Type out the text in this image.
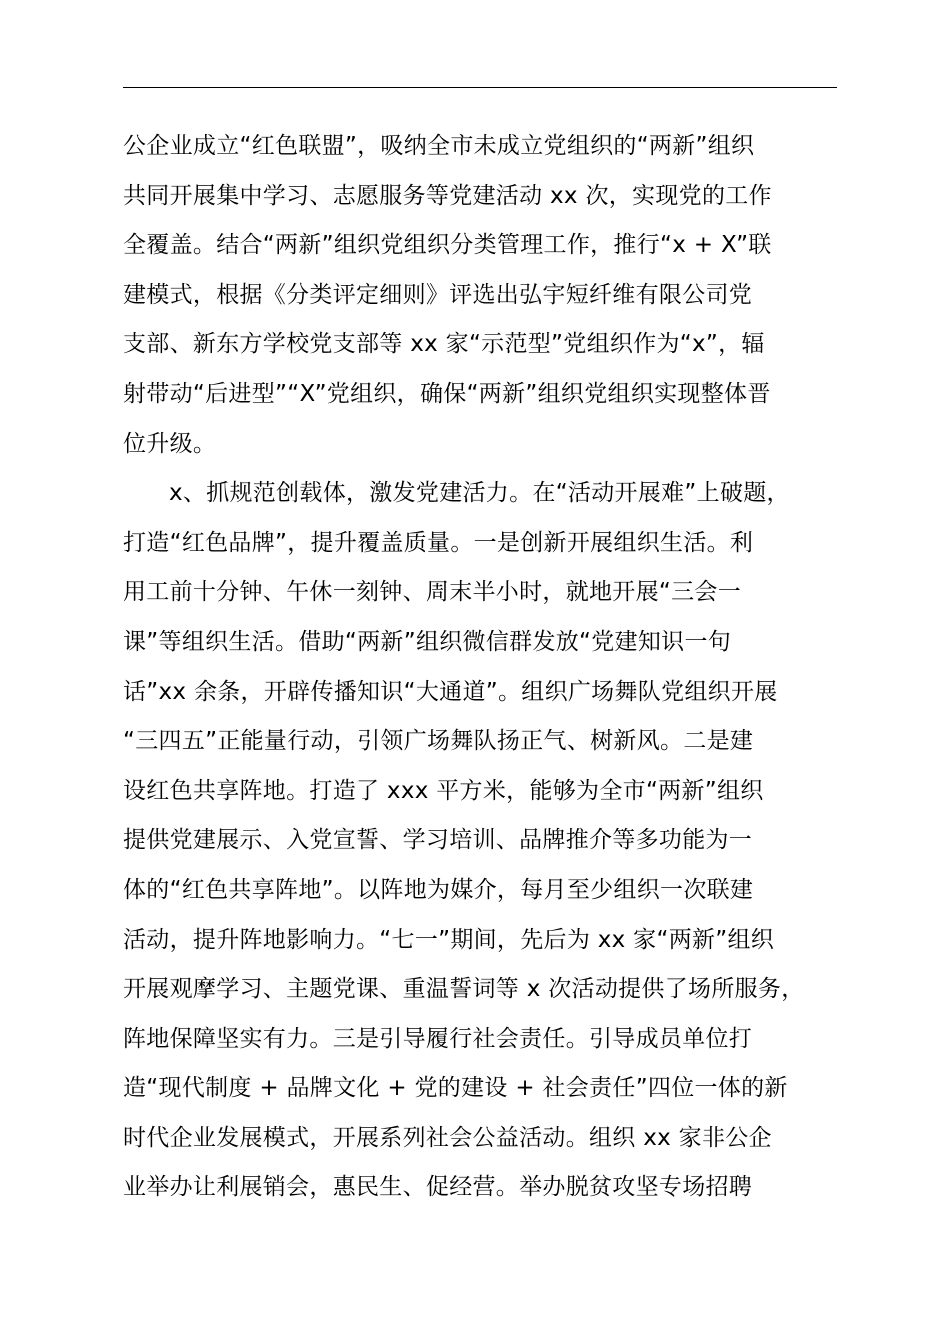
公企业成立“红色联盟”，吸纳全市未成立党组织的“两新”组织
共同开展集中学习、志愿服务等党建活动 xx 次，实现党的工作
全覆盖。结合“两新”组织党组织分类管理工作，推行“x + X”联
建模式，根据《分类评定细则》评选出弘宇短纤维有限公司党
支部、新东方学校党支部等 xx 家“示范型”党组织作为“x”，辐
射带动“后进型”“X”党组织，确保“两新”组织党组织实现整体晋
位升级。
x、抓规范创载体，激发党建活力。在“活动开展难”上破题，
打造“红色品牌”，提升覆盖质量。一是创新开展组织生活。利
用工前十分钟、午休一刻钟、周末半小时，就地开展“三会一
课”等组织生活。借助“两新”组织微信群发放“党建知识一句
话”xx 余条，开辟传播知识“大通道”。组织广场舞队党组织开展
“三四五”正能量行动，引领广场舞队扬正气、树新风。二是建
设红色共享阵地。打造了 xxx 平方米，能够为全市“两新”组织
提供党建展示、入党宣誓、学习培训、品牌推介等多功能为一
体的“红色共享阵地”。以阵地为媒介，每月至少组织一次联建
活动，提升阵地影响力。“七一”期间，先后为 xx 家“两新”组织
开展观摩学习、主题党课、重温誓词等 x 次活动提供了场所服务，
阵地保障坚实有力。三是引导履行社会责任。引导成员单位打
造“现代制度 + 品牌文化 + 党的建设 + 社会责任”四位一体的新
时代企业发展模式，开展系列社会公益活动。组织 xx 家非公企
业举办让利展销会，惠民生、促经营。举办脱贫攻坚专场招聘
